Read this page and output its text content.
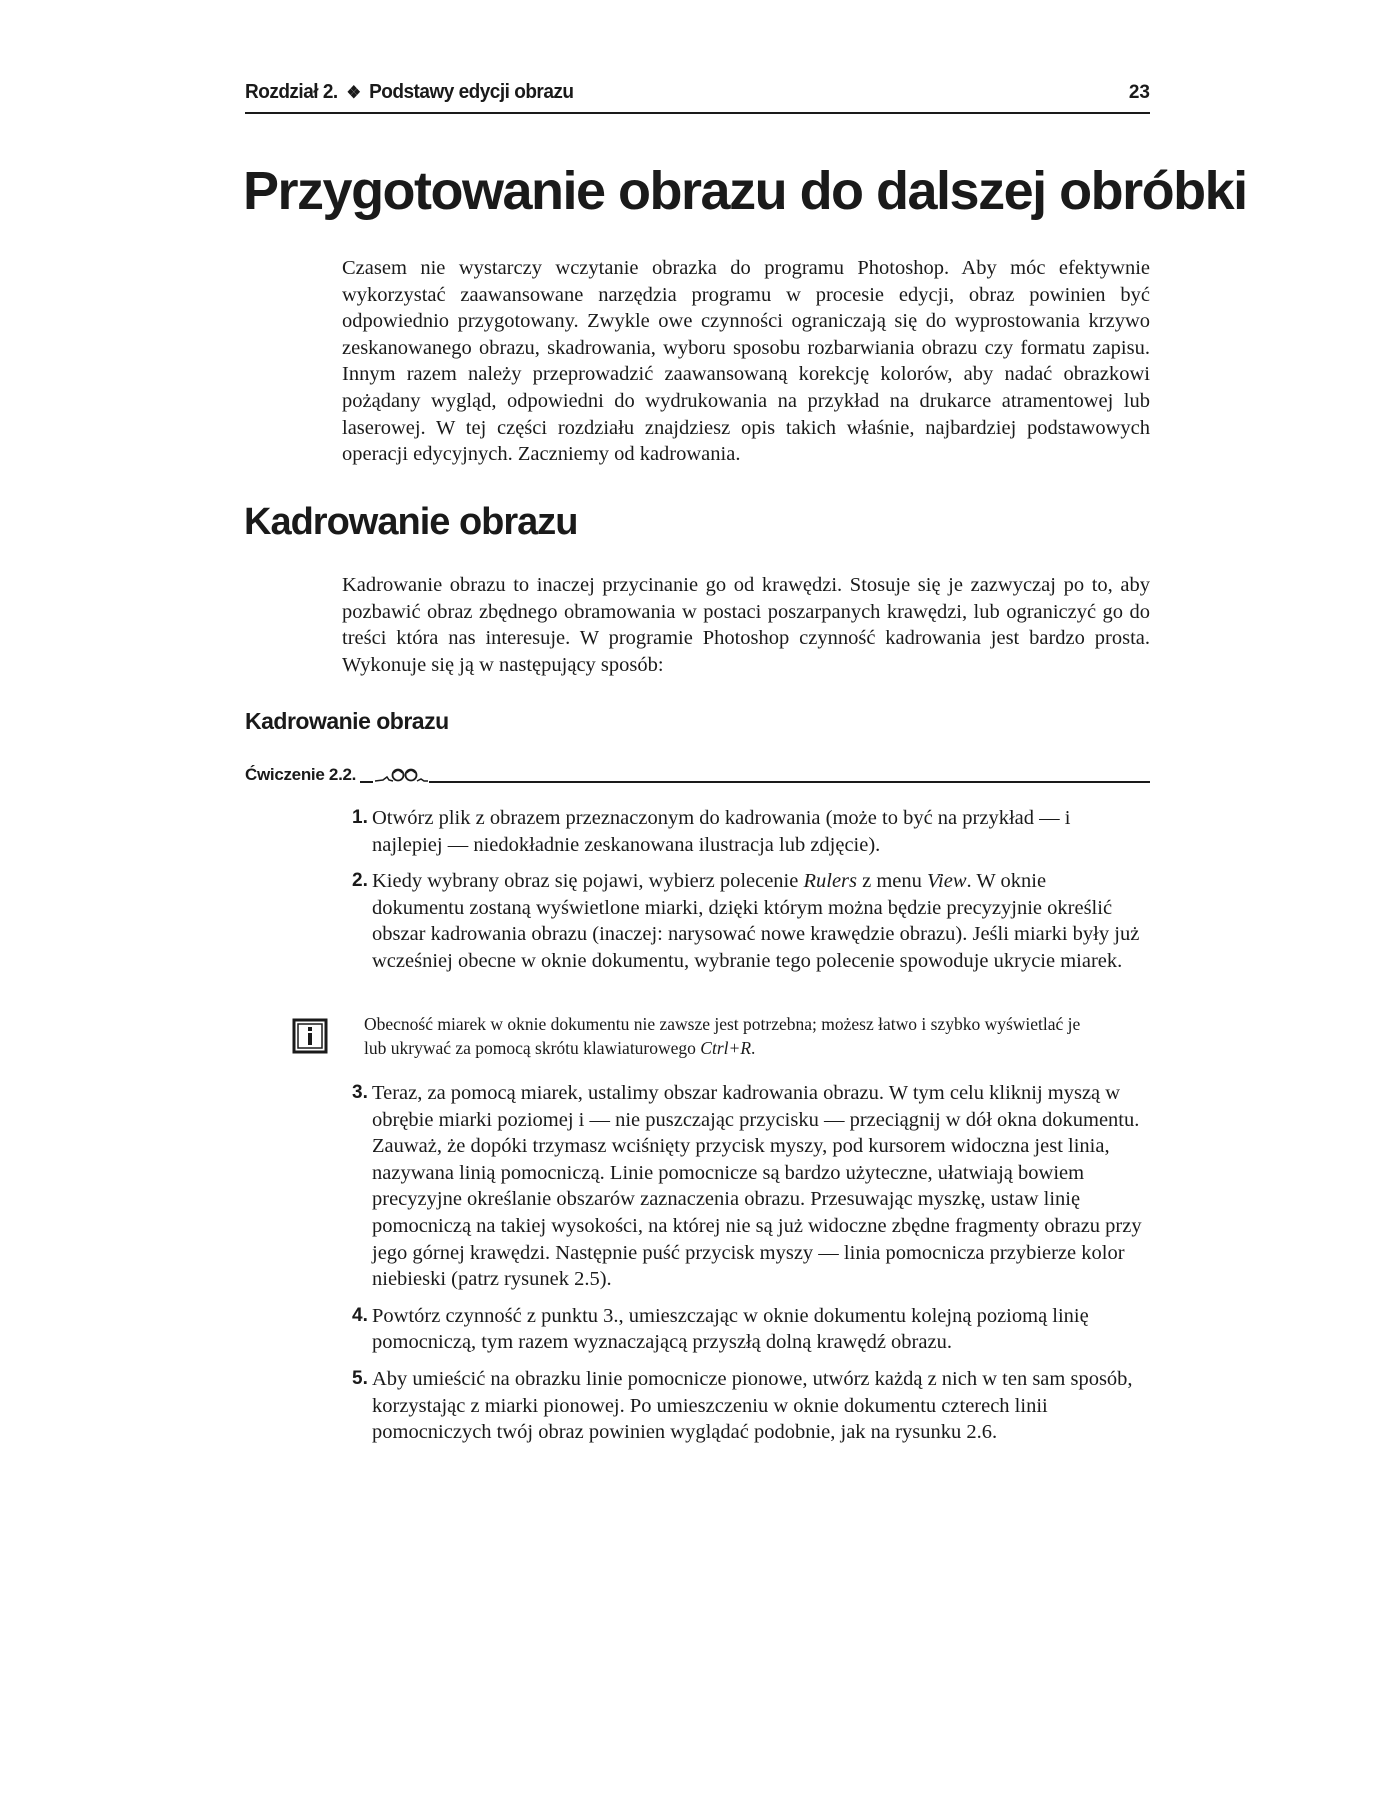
Rozdział 2. ❖ Podstawy edycji obrazu	23
Przygotowanie obrazu do dalszej obróbki

Czasem nie wystarczy wczytanie obrazka do programu Photoshop. Aby móc efektywnie wykorzystać zaawansowane narzędzia programu w procesie edycji, obraz powinien być odpowiednio przygotowany. Zwykle owe czynności ograniczają się do wyprostowania krzywo zeskanowanego obrazu, skadrowania, wyboru sposobu rozbarwiania obrazu czy formatu zapisu. Innym razem należy przeprowadzić zaawansowaną korekcję kolorów, aby nadać obrazkowi pożądany wygląd, odpowiedni do wydrukowania na przykład na drukarce atramentowej lub laserowej. W tej części rozdziału znajdziesz opis takich właśnie, najbardziej podstawowych operacji edycyjnych. Zaczniemy od kadrowania.

Kadrowanie obrazu

Kadrowanie obrazu to inaczej przycinanie go od krawędzi. Stosuje się je zazwyczaj po to, aby pozbawić obraz zbędnego obramowania w postaci poszarpanych krawędzi, lub ograniczyć go do treści która nas interesuje. W programie Photoshop czynność kadrowania jest bardzo prosta. Wykonuje się ją w następujący sposób:

Kadrowanie obrazu
Ćwiczenie 2.2.
1. Otwórz plik z obrazem przeznaczonym do kadrowania (może to być na przykład — i najlepiej — niedokładnie zeskanowana ilustracja lub zdjęcie).
2. Kiedy wybrany obraz się pojawi, wybierz polecenie Rulers z menu View. W oknie dokumentu zostaną wyświetlone miarki, dzięki którym można będzie precyzyjnie określić obszar kadrowania obrazu (inaczej: narysować nowe krawędzie obrazu). Jeśli miarki były już wcześniej obecne w oknie dokumentu, wybranie tego polecenie spowoduje ukrycie miarek.
Obecność miarek w oknie dokumentu nie zawsze jest potrzebna; możesz łatwo i szybko wyświetlać je lub ukrywać za pomocą skrótu klawiaturowego Ctrl+R.
3. Teraz, za pomocą miarek, ustalimy obszar kadrowania obrazu. W tym celu kliknij myszą w obrębie miarki poziomej i — nie puszczając przycisku — przeciągnij w dół okna dokumentu. Zauważ, że dopóki trzymasz wciśnięty przycisk myszy, pod kursorem widoczna jest linia, nazywana linią pomocniczą. Linie pomocnicze są bardzo użyteczne, ułatwiają bowiem precyzyjne określanie obszarów zaznaczenia obrazu. Przesuwając myszkę, ustaw linię pomocniczą na takiej wysokości, na której nie są już widoczne zbędne fragmenty obrazu przy jego górnej krawędzi. Następnie puść przycisk myszy — linia pomocnicza przybierze kolor niebieski (patrz rysunek 2.5).
4. Powtórz czynność z punktu 3., umieszczając w oknie dokumentu kolejną poziomą linię pomocniczą, tym razem wyznaczającą przyszłą dolną krawędź obrazu.
5. Aby umieścić na obrazku linie pomocnicze pionowe, utwórz każdą z nich w ten sam sposób, korzystając z miarki pionowej. Po umieszczeniu w oknie dokumentu czterech linii pomocniczych twój obraz powinien wyglądać podobnie, jak na rysunku 2.6.
